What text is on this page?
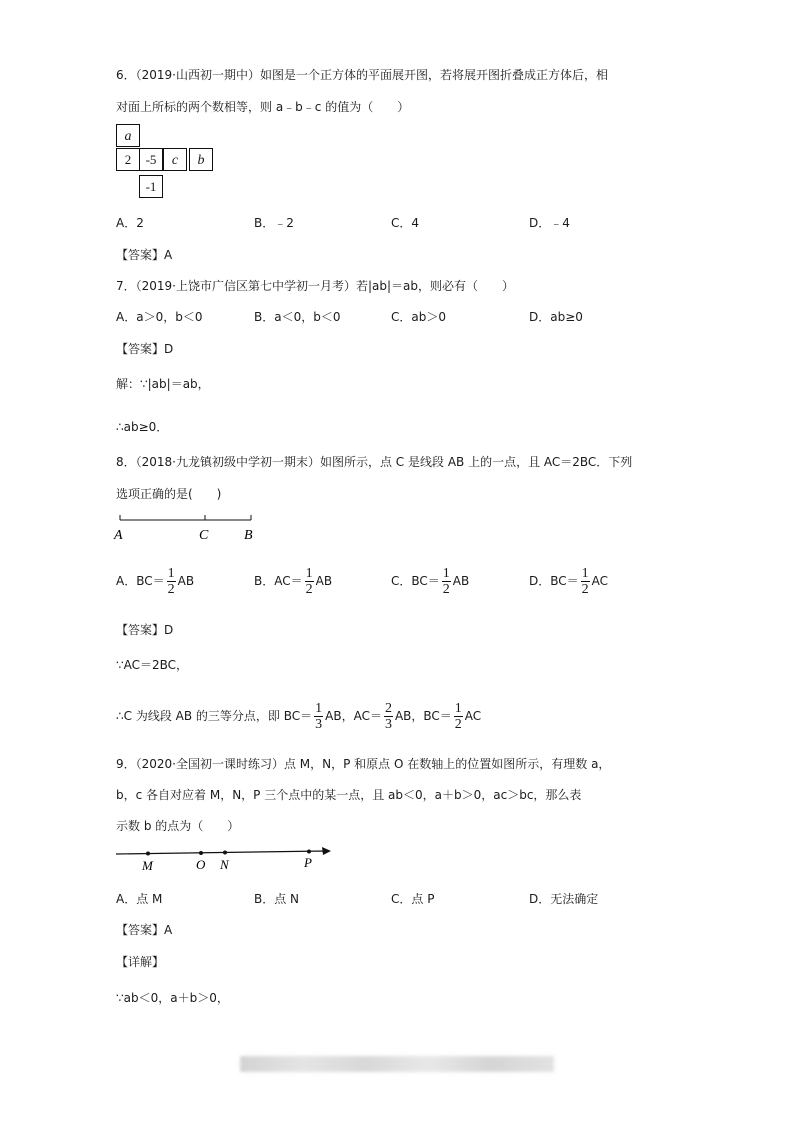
6．（2019·山西初一期中）如图是一个正方体的平面展开图，若将展开图折叠成正方体后，相
对面上所标的两个数相等，则 a﹣b﹣c 的值为（　　）
a
2	-5	c	b
-1
A．2	B．﹣2	C．4	D．﹣4
【答案】A
7．（2019·上饶市广信区第七中学初一月考）若|ab|＝ab，则必有（　　）
A．a＞0，b＜0	B．a＜0，b＜0	C．ab＞0	D．ab≥0
【答案】D
解：∵|ab|＝ab，
∴ab≥0．
8．（2018·九龙镇初级中学初一期末）如图所示，点 C 是线段 AB 上的一点，且 AC＝2BC．下列
选项正确的是(　　)
A	C	B
A．$BC= \frac{1}{2}$ AB	B．$AC= \frac{1}{2}$ AB	C．$BC= \frac{1}{2}$ AB	D．$BC= \frac{1}{2}$ AC
【答案】D
∵AC＝2BC，
∴C 为线段 AB 的三等分点，即 $BC= \frac{1}{3}$ AB，$AC= \frac{2}{3}$ AB，$BC= \frac{1}{2}$ AC
9．（2020·全国初一课时练习）点 M，N，P 和原点 O 在数轴上的位置如图所示，有理数 a，
b，c 各自对应着 M，N，P 三个点中的某一点，且 ab＜0，a＋b＞0，ac＞bc，那么表
示数 b 的点为（　　）
M	O N	P
A．点 M	B．点 N	C．点 P	D．无法确定
【答案】A
【详解】
∵ab＜0，a＋b＞0，
